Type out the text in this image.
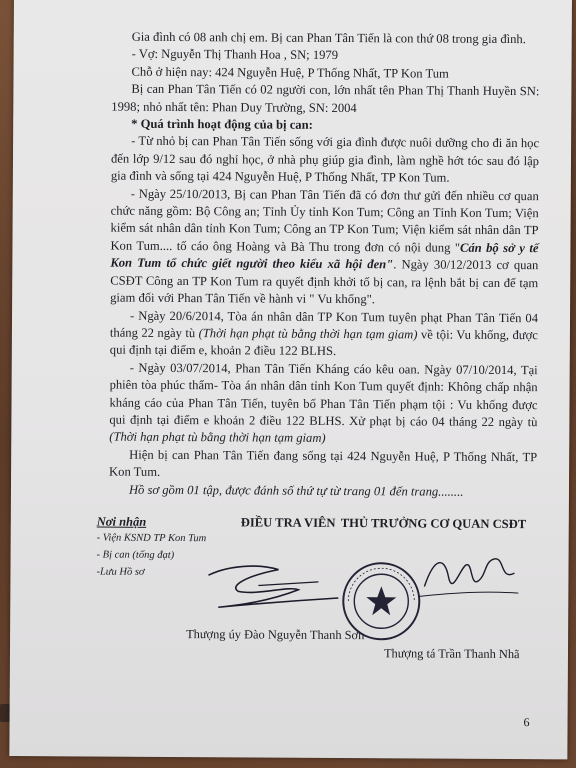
Gia đình có 08 anh chị em. Bị can Phan Tân Tiến là con thứ 08 trong gia đình.

- Vợ: Nguyễn Thị Thanh Hoa , SN; 1979

Chỗ ở hiện nay: 424 Nguyễn Huệ, P Thống Nhất, TP Kon Tum

Bị can Phan Tân Tiến có 02 người con, lớn nhất tên Phan Thị Thanh Huyền SN: 1998; nhỏ nhất tên: Phan Duy Trường, SN: 2004

* Quá trình hoạt động của bị can:

- Từ nhỏ bị can Phan Tân Tiến sống với gia đình được nuôi dưỡng cho đi ăn học đến lớp 9/12 sau đó nghỉ học, ở nhà phụ giúp gia đình, làm nghề hớt tóc sau đó lập gia đình và sống tại 424 Nguyễn Huệ, P Thống Nhất, TP Kon Tum.

- Ngày 25/10/2013, Bị can Phan Tân Tiến đã có đơn thư gửi đến nhiều cơ quan chức năng gồm: Bộ Công an; Tỉnh Ủy tỉnh Kon Tum; Công an Tỉnh Kon Tum; Viện kiểm sát nhân dân tỉnh Kon Tum; Công an TP Kon Tum; Viện kiểm sát nhân dân TP Kon Tum.... tố cáo ông Hoàng và Bà Thu trong đơn có nội dung "Cán bộ sở y tế Kon Tum tổ chức giết người theo kiểu xã hội đen". Ngày 30/12/2013 cơ quan CSĐT Công an TP Kon Tum ra quyết định khởi tố bị can, ra lệnh bắt bị can để tạm giam đối với Phan Tân Tiến về hành vi " Vu khống".

- Ngày 20/6/2014, Tòa án nhân dân TP Kon Tum tuyên phạt Phan Tân Tiến 04 tháng 22 ngày tù (Thời hạn phạt tù bằng thời hạn tạm giam) về tội: Vu khống, được qui định tại điểm e, khoản 2 điều 122 BLHS.

- Ngày 03/07/2014, Phan Tân Tiến Kháng cáo kêu oan. Ngày 07/10/2014, Tại phiên tòa phúc thẩm- Tòa án nhân dân tỉnh Kon Tum quyết định: Không chấp nhận kháng cáo của Phan Tân Tiến, tuyên bố Phan Tân Tiến phạm tội : Vu khống được qui định tại điểm e khoản 2 điều 122 BLHS. Xử phạt bị cáo 04 tháng 22 ngày tù (Thời hạn phạt tù bằng thời hạn tạm giam)

Hiện bị can Phan Tân Tiến đang sống tại 424 Nguyễn Huệ, P Thống Nhất, TP Kon Tum.

Hồ sơ gồm 01 tập, được đánh số thứ tự từ trang 01 đến trang........

Nơi nhận
- Viện KSND TP Kon Tum
- Bị can (tống đạt)
-Lưu Hồ sơ
ĐIỀU TRA VIÊN THỦ TRƯỞNG CƠ QUAN CSĐT
Thượng úy Đào Nguyễn Thanh Sơn
Thượng tá Trần Thanh Nhã
6
